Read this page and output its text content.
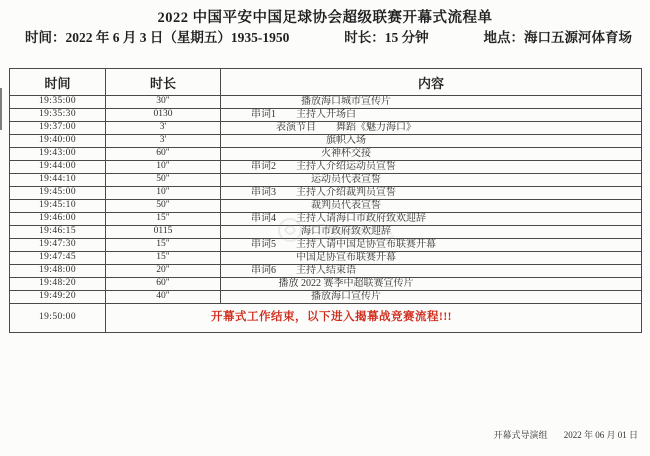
2022 中国平安中国足球协会超级联赛开幕式流程单
时间：2022 年 6 月 3 日（星期五）1935-1950	时长：15 分钟	地点：海口五源河体育场
时间	时长	内容
19:35:00	30"	播放海口城市宣传片
19:35:30	0130	串词1　　主持人开场白
19:37:00	3'	表演节目　　舞蹈《魅力海口》
19:40:00	3'	旗帜入场
19:43:00	60"	火神杯交接
19:44:00	10"	串词2　　主持人介绍运动员宣誓
19:44:10	50"	运动员代表宣誓
19:45:00	10"	串词3　　主持人介绍裁判员宣誓
19:45:10	50"	裁判员代表宣誓
19:46:00	15"	串词4　　主持人请海口市政府致欢迎辞
19:46:15	0115	海口市政府致欢迎辞
19:47:30	15"	串词5　　主持人请中国足协宣布联赛开幕
19:47:45	15"	中国足协宣布联赛开幕
19:48:00	20"	串词6　　主持人结束语
19:48:20	60"	播放 2022 赛季中超联赛宣传片
19:49:20	40"	播放海口宣传片
19:50:00	开幕式工作结束，以下进入揭幕战竞赛流程!!!	
开幕式导演组 2022 年 06 月 01 日
